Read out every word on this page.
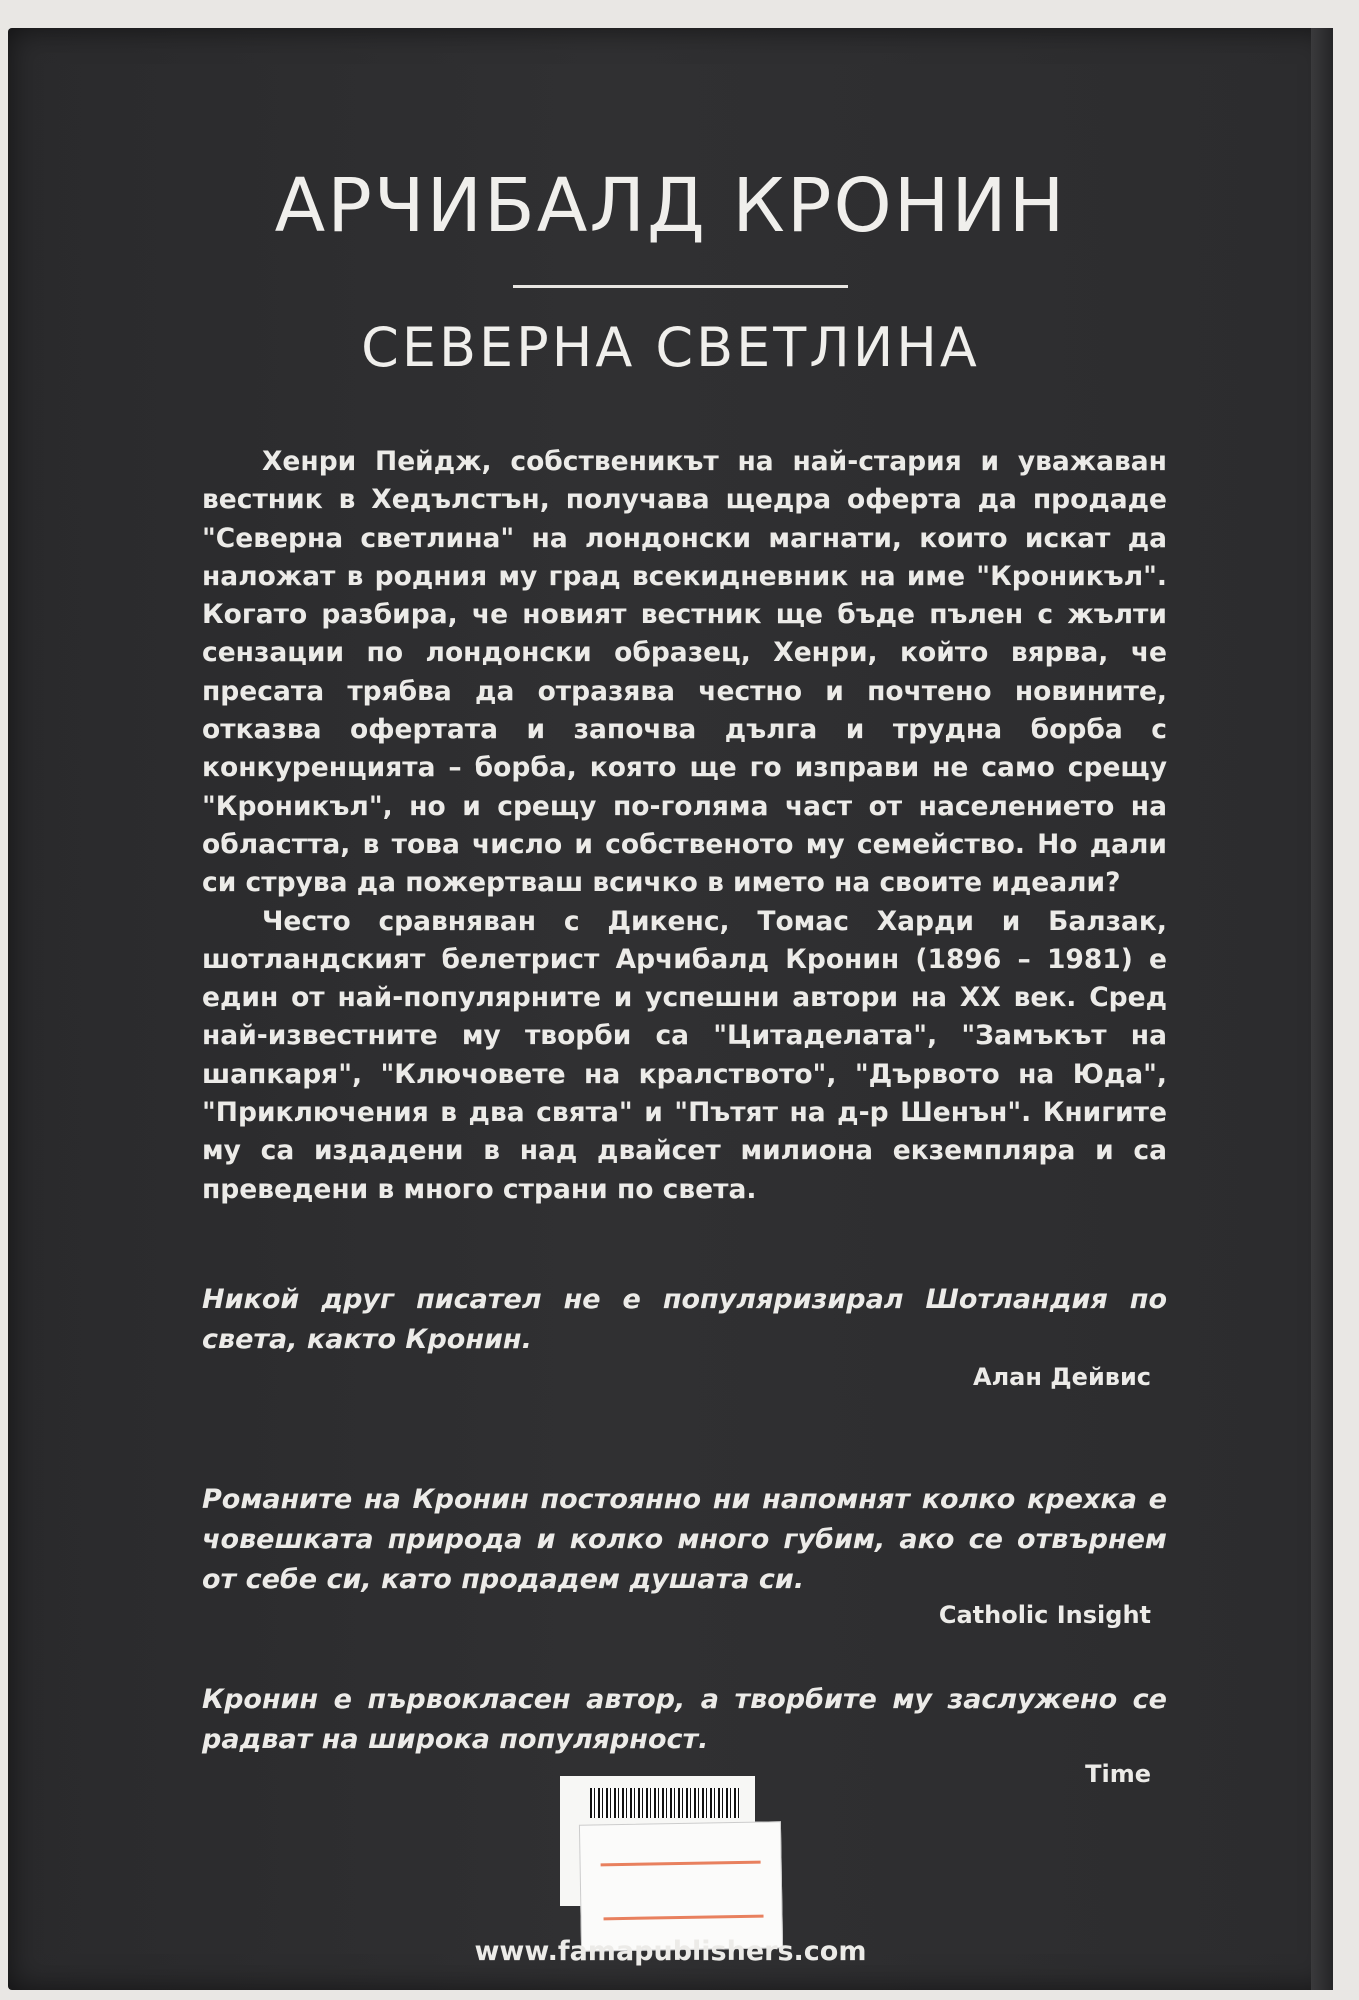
АРЧИБАЛД КРОНИН
СЕВЕРНА СВЕТЛИНА

Хенри Пейдж, собственикът на най-стария и уважаван вестник в Хедълстън, получава щедра оферта да продаде "Северна светлина" на лондонски магнати, които искат да наложат в родния му град всекидневник на име "Кроникъл". Когато разбира, че новият вестник ще бъде пълен с жълти сензации по лондонски образец, Хенри, който вярва, че пресата трябва да отразява честно и почтено новините, отказва офертата и започва дълга и трудна борба с конкуренцията – борба, която ще го изправи не само срещу "Кроникъл", но и срещу по-голяма част от населението на областта, в това число и собственото му семейство. Но дали си струва да пожертваш всичко в името на своите идеали?

Често сравняван с Дикенс, Томас Харди и Балзак, шотландският белетрист Арчибалд Кронин (1896 – 1981) е един от най-популярните и успешни автори на XX век. Сред най-известните му творби са "Цитаделата", "Замъкът на шапкаря", "Ключовете на кралството", "Дървото на Юда", "Приключения в два свята" и "Пътят на д-р Шенън". Книгите му са издадени в над двайсет милиона екземпляра и са преведени в много страни по света.

Никой друг писател не е популяризирал Шотландия по света, както Кронин.
Алан Дейвис
Романите на Кронин постоянно ни напомнят колко крехка е човешката природа и колко много губим, ако се отвърнем от себе си, като продадем душата си.
Catholic Insight
Кронин е първокласен автор, а творбите му заслужено се радват на широка популярност.
Time
www.famapublishers.com
